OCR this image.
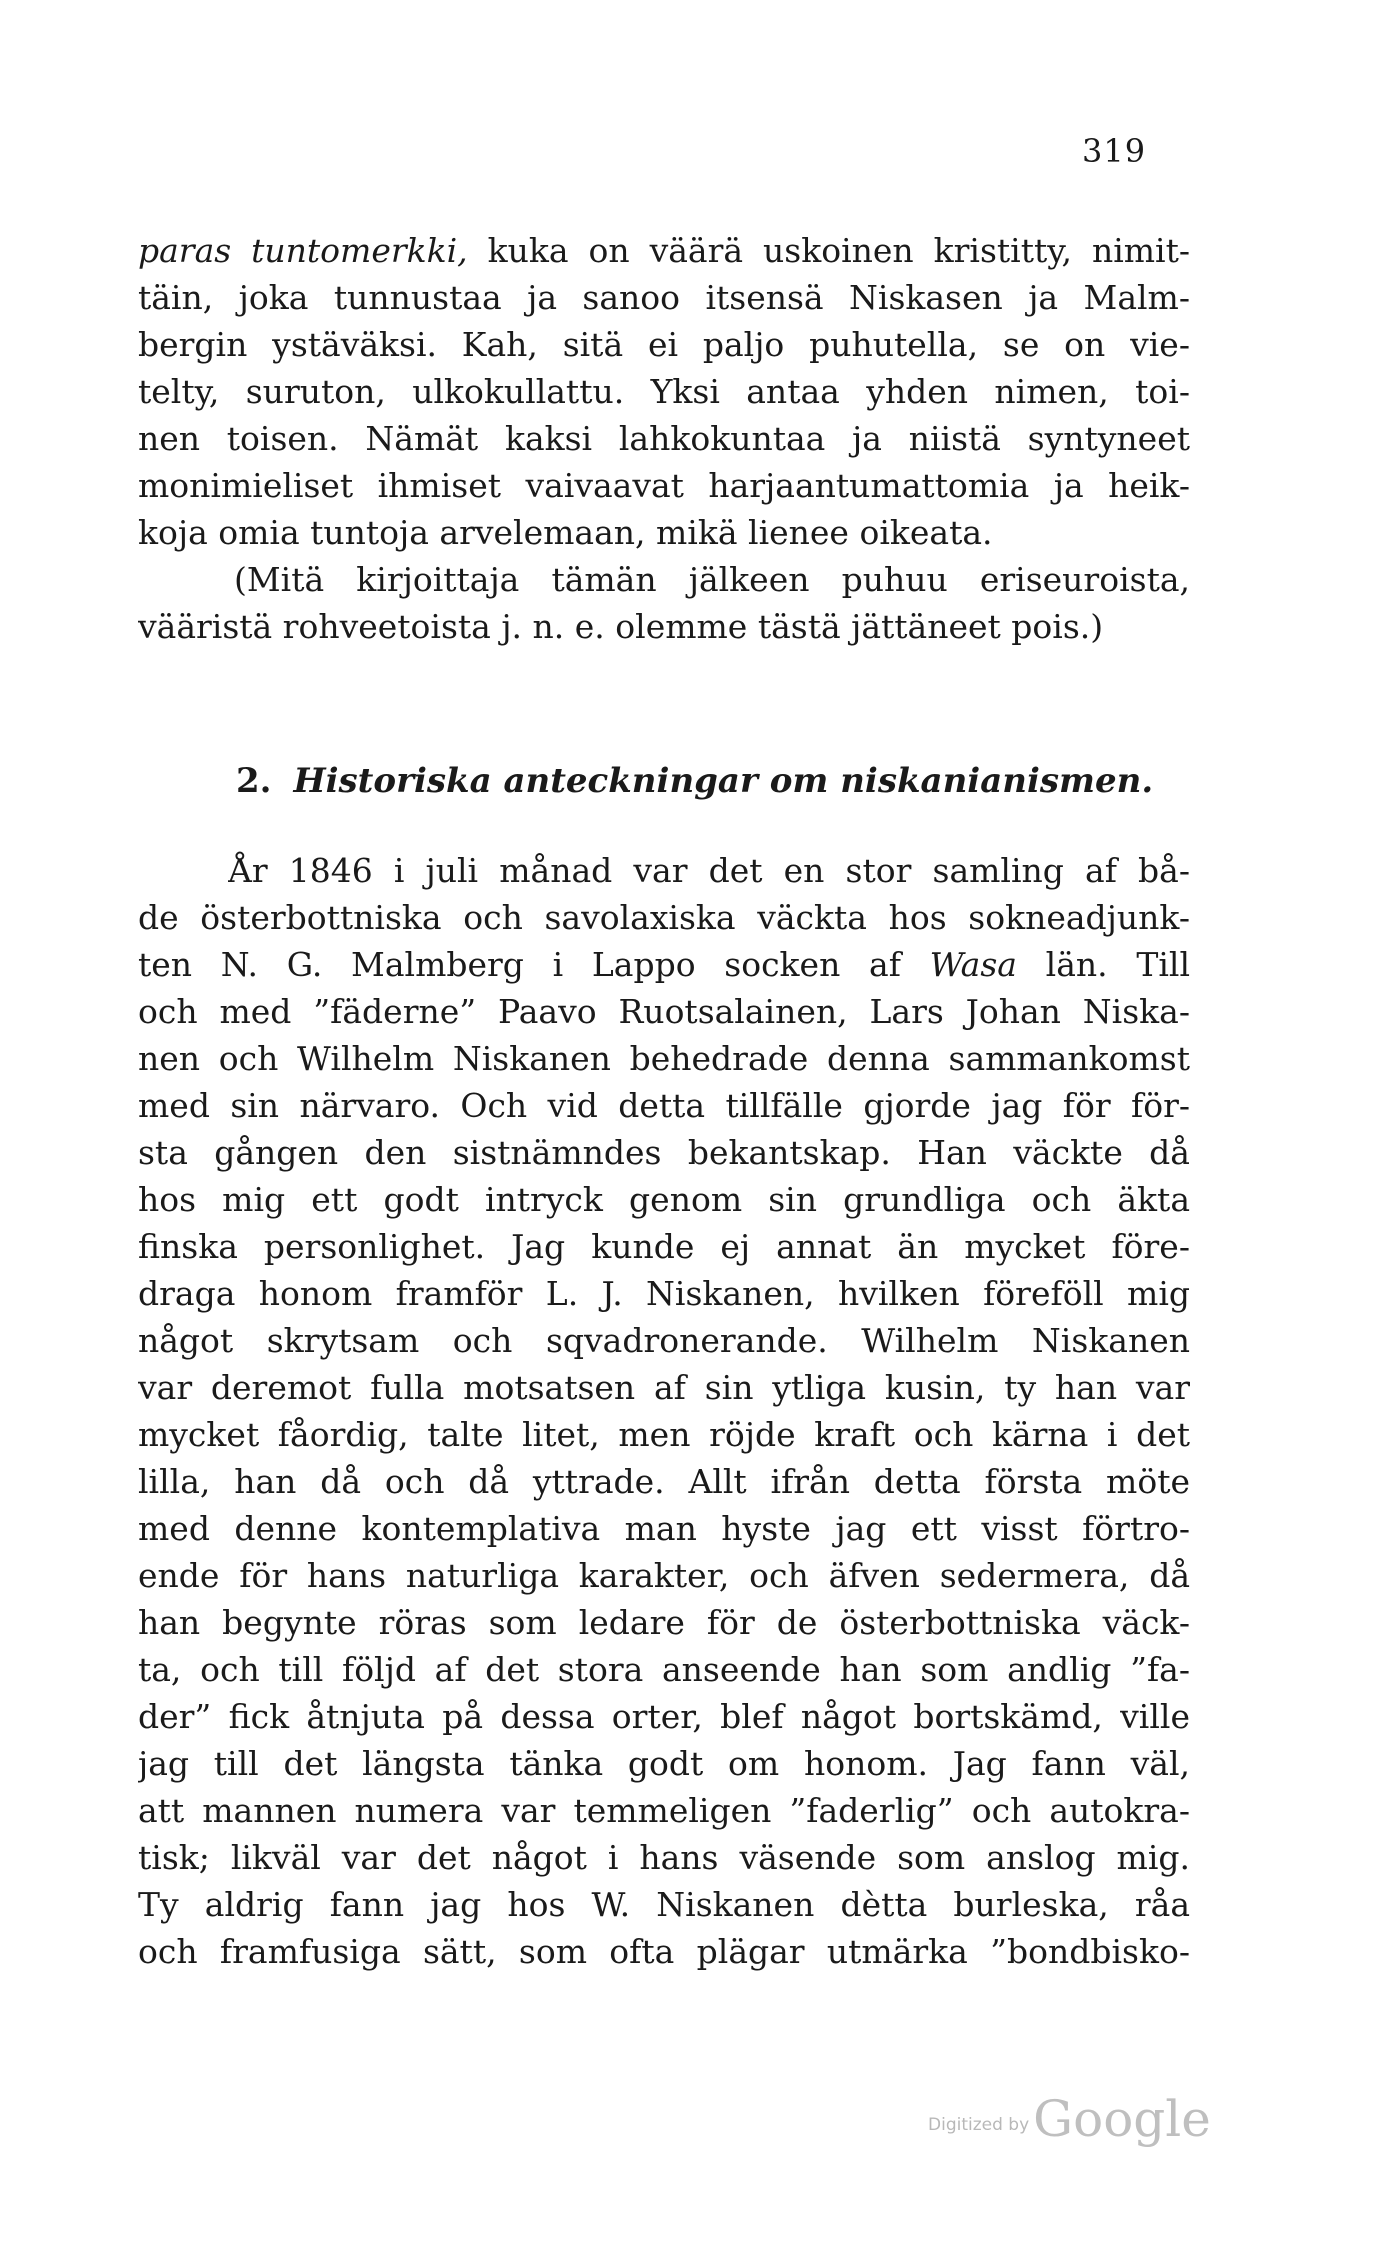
319
paras tuntomerkki, kuka on väärä uskoinen kristitty, nimit-
täin, joka tunnustaa ja sanoo itsensä Niskasen ja Malm-
bergin ystäväksi. Kah, sitä ei paljo puhutella, se on vie-
telty, suruton, ulkokullattu. Yksi antaa yhden nimen, toi-
nen toisen. Nämät kaksi lahkokuntaa ja niistä syntyneet
monimieliset ihmiset vaivaavat harjaantumattomia ja heik-
koja omia tuntoja arvelemaan, mikä lienee oikeata.
(Mitä kirjoittaja tämän jälkeen puhuu eriseuroista,
vääristä rohveetoista j. n. e. olemme tästä jättäneet pois.)
2. Historiska anteckningar om niskanianismen.
År 1846 i juli månad var det en stor samling af bå-
de österbottniska och savolaxiska väckta hos sokneadjunk-
ten N. G. Malmberg i Lappo socken af Wasa län. Till
och med ”fäderne” Paavo Ruotsalainen, Lars Johan Niska-
nen och Wilhelm Niskanen behedrade denna sammankomst
med sin närvaro. Och vid detta tillfälle gjorde jag för för-
sta gången den sistnämndes bekantskap. Han väckte då
hos mig ett godt intryck genom sin grundliga och äkta
finska personlighet. Jag kunde ej annat än mycket före-
draga honom framför L. J. Niskanen, hvilken föreföll mig
något skrytsam och sqvadronerande. Wilhelm Niskanen
var deremot fulla motsatsen af sin ytliga kusin, ty han var
mycket fåordig, talte litet, men röjde kraft och kärna i det
lilla, han då och då yttrade. Allt ifrån detta första möte
med denne kontemplativa man hyste jag ett visst förtro-
ende för hans naturliga karakter, och äfven sedermera, då
han begynte röras som ledare för de österbottniska väck-
ta, och till följd af det stora anseende han som andlig ”fa-
der” fick åtnjuta på dessa orter, blef något bortskämd, ville
jag till det längsta tänka godt om honom. Jag fann väl,
att mannen numera var temmeligen ”faderlig” och autokra-
tisk; likväl var det något i hans väsende som anslog mig.
Ty aldrig fann jag hos W. Niskanen dètta burleska, råa
och framfusiga sätt, som ofta plägar utmärka ”bondbisko-
Digitized byGoogle
